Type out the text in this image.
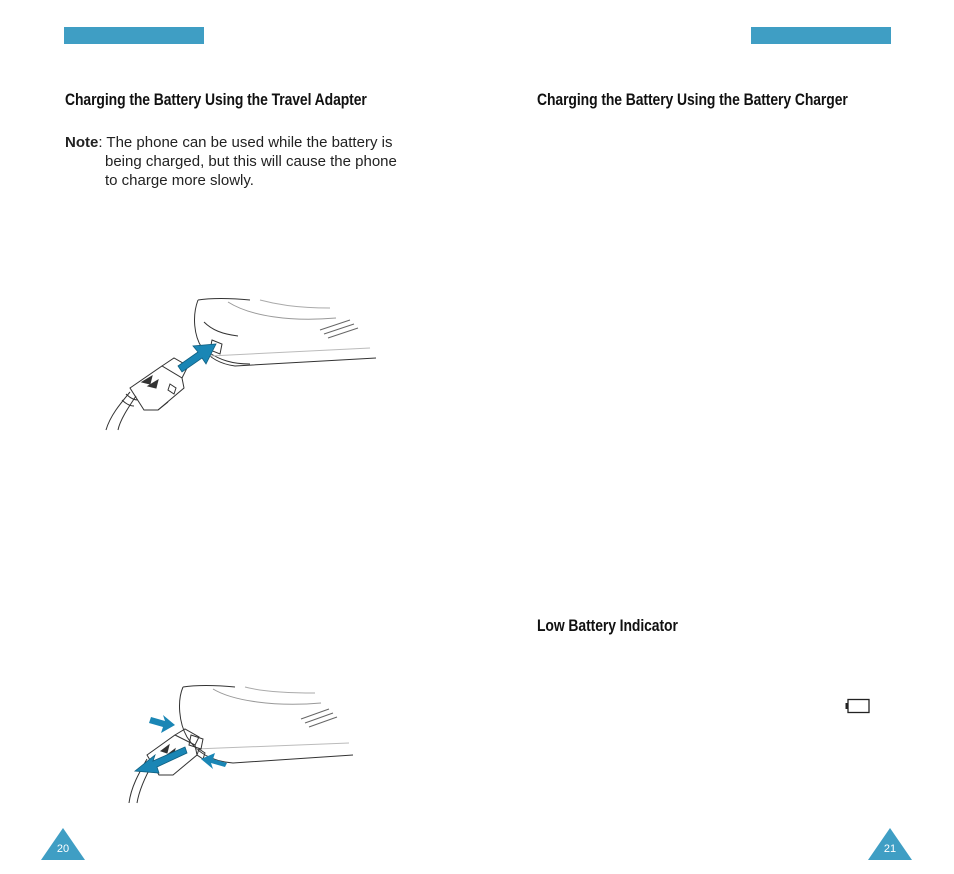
Charging the Battery Using the Travel Adapter
Note: The phone can be used while the battery is
being charged, but this will cause the phone
to charge more slowly.
Charging the Battery Using the Battery Charger
Low Battery Indicator
20	21
